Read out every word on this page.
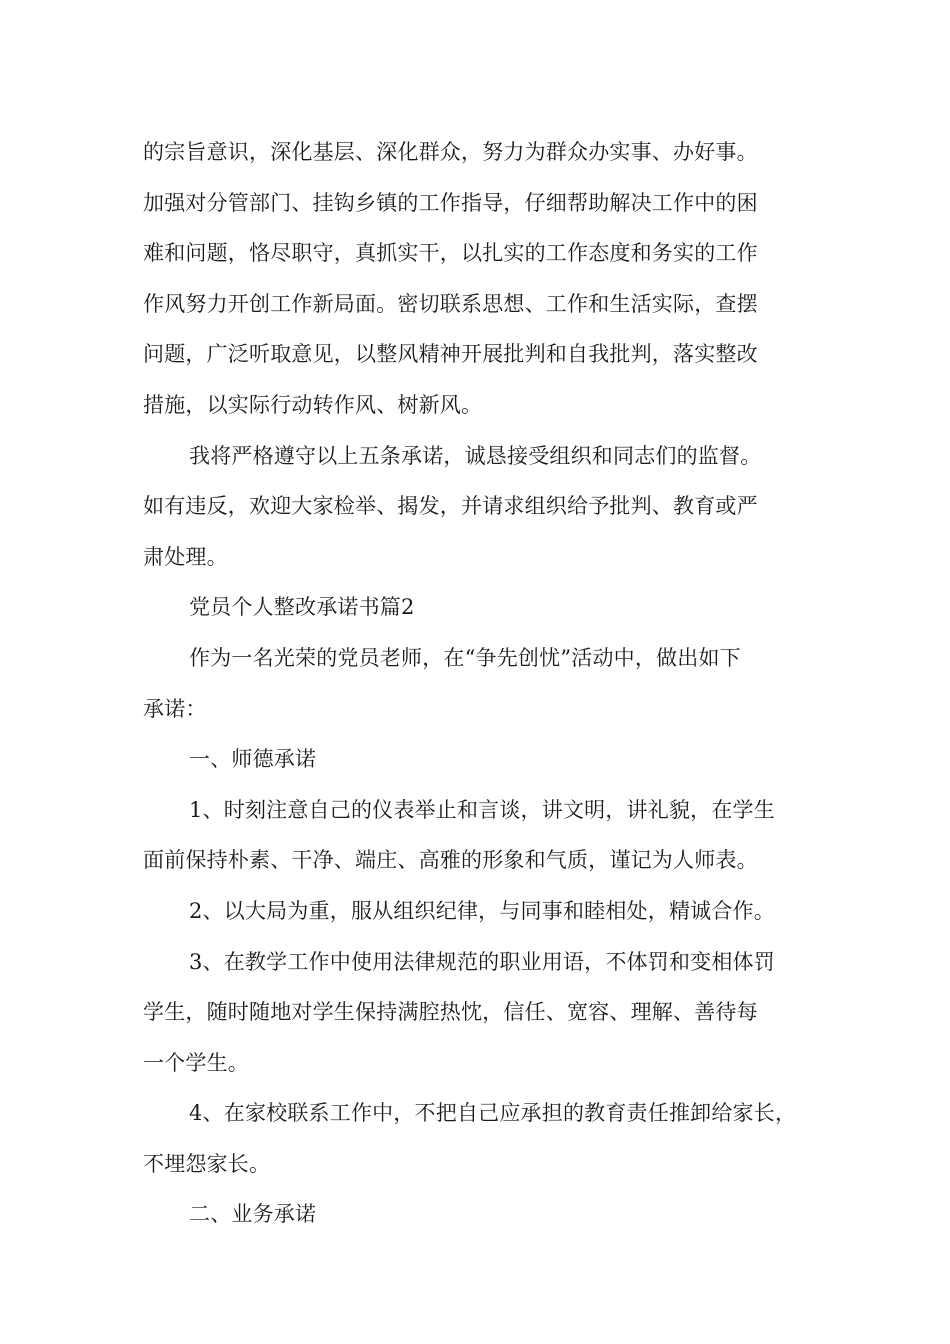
的宗旨意识，深化基层、深化群众，努力为群众办实事、办好事。
加强对分管部门、挂钩乡镇的工作指导，仔细帮助解决工作中的困
难和问题，恪尽职守，真抓实干，以扎实的工作态度和务实的工作
作风努力开创工作新局面。密切联系思想、工作和生活实际，查摆
问题，广泛听取意见，以整风精神开展批判和自我批判，落实整改
措施，以实际行动转作风、树新风。
我将严格遵守以上五条承诺，诚恳接受组织和同志们的监督。
如有违反，欢迎大家检举、揭发，并请求组织给予批判、教育或严
肃处理。
党员个人整改承诺书篇2
作为一名光荣的党员老师，在“争先创忧”活动中，做出如下
承诺：
一、师德承诺
1、时刻注意自己的仪表举止和言谈，讲文明，讲礼貌，在学生
面前保持朴素、干净、端庄、高雅的形象和气质，谨记为人师表。
2、以大局为重，服从组织纪律，与同事和睦相处，精诚合作。
3、在教学工作中使用法律规范的职业用语，不体罚和变相体罚
学生，随时随地对学生保持满腔热忱，信任、宽容、理解、善待每
一个学生。
4、在家校联系工作中，不把自己应承担的教育责任推卸给家长，
不埋怨家长。
二、业务承诺
